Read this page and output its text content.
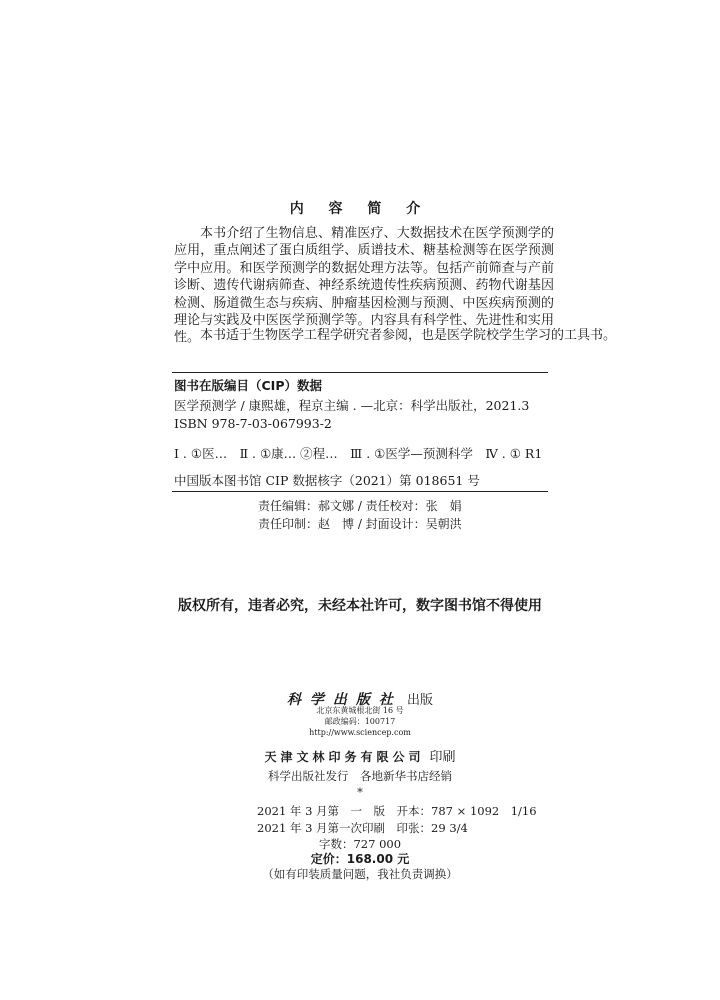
内 容 简 介

本书介绍了生物信息、精准医疗、大数据技术在医学预测学的应用，重点阐述了蛋白质组学、质谱技术、糖基检测等在医学预测学中应用。和医学预测学的数据处理方法等。包括产前筛查与产前诊断、遗传代谢病筛查、神经系统遗传性疾病预测、药物代谢基因检测、肠道微生态与疾病、肿瘤基因检测与预测、中医疾病预测的理论与实践及中医医学预测学等。内容具有科学性、先进性和实用性。 本书适于生物医学工程学研究者参阅，也是医学院校学生学习的工具书。

图书在版编目（CIP）数据
医学预测学 / 康熙雄，程京主编 . —北京：科学出版社，2021.3
ISBN 978-7-03-067993-2
Ⅰ . ①医…　Ⅱ . ①康… ②程…　Ⅲ . ①医学—预测科学　Ⅳ . ① R1
中国版本图书馆 CIP 数据核字（2021）第 018651 号
责任编辑：郝文娜 / 责任校对：张　娟
责任印制：赵　博 / 封面设计：吴朝洪
版权所有，违者必究，未经本社许可，数字图书馆不得使用
科学出版社 出版
北京东黄城根北街 16 号
邮政编码：100717
http://www.sciencep.com
天津文林印务有限公司 印刷
科学出版社发行　各地新华书店经销
*
2021 年 3 月第　一　版　开本：787 × 1092　1/16
2021 年 3 月第一次印刷　印张：29 3/4
字数：727 000
定价：168.00 元
（如有印装质量问题，我社负责调换）
